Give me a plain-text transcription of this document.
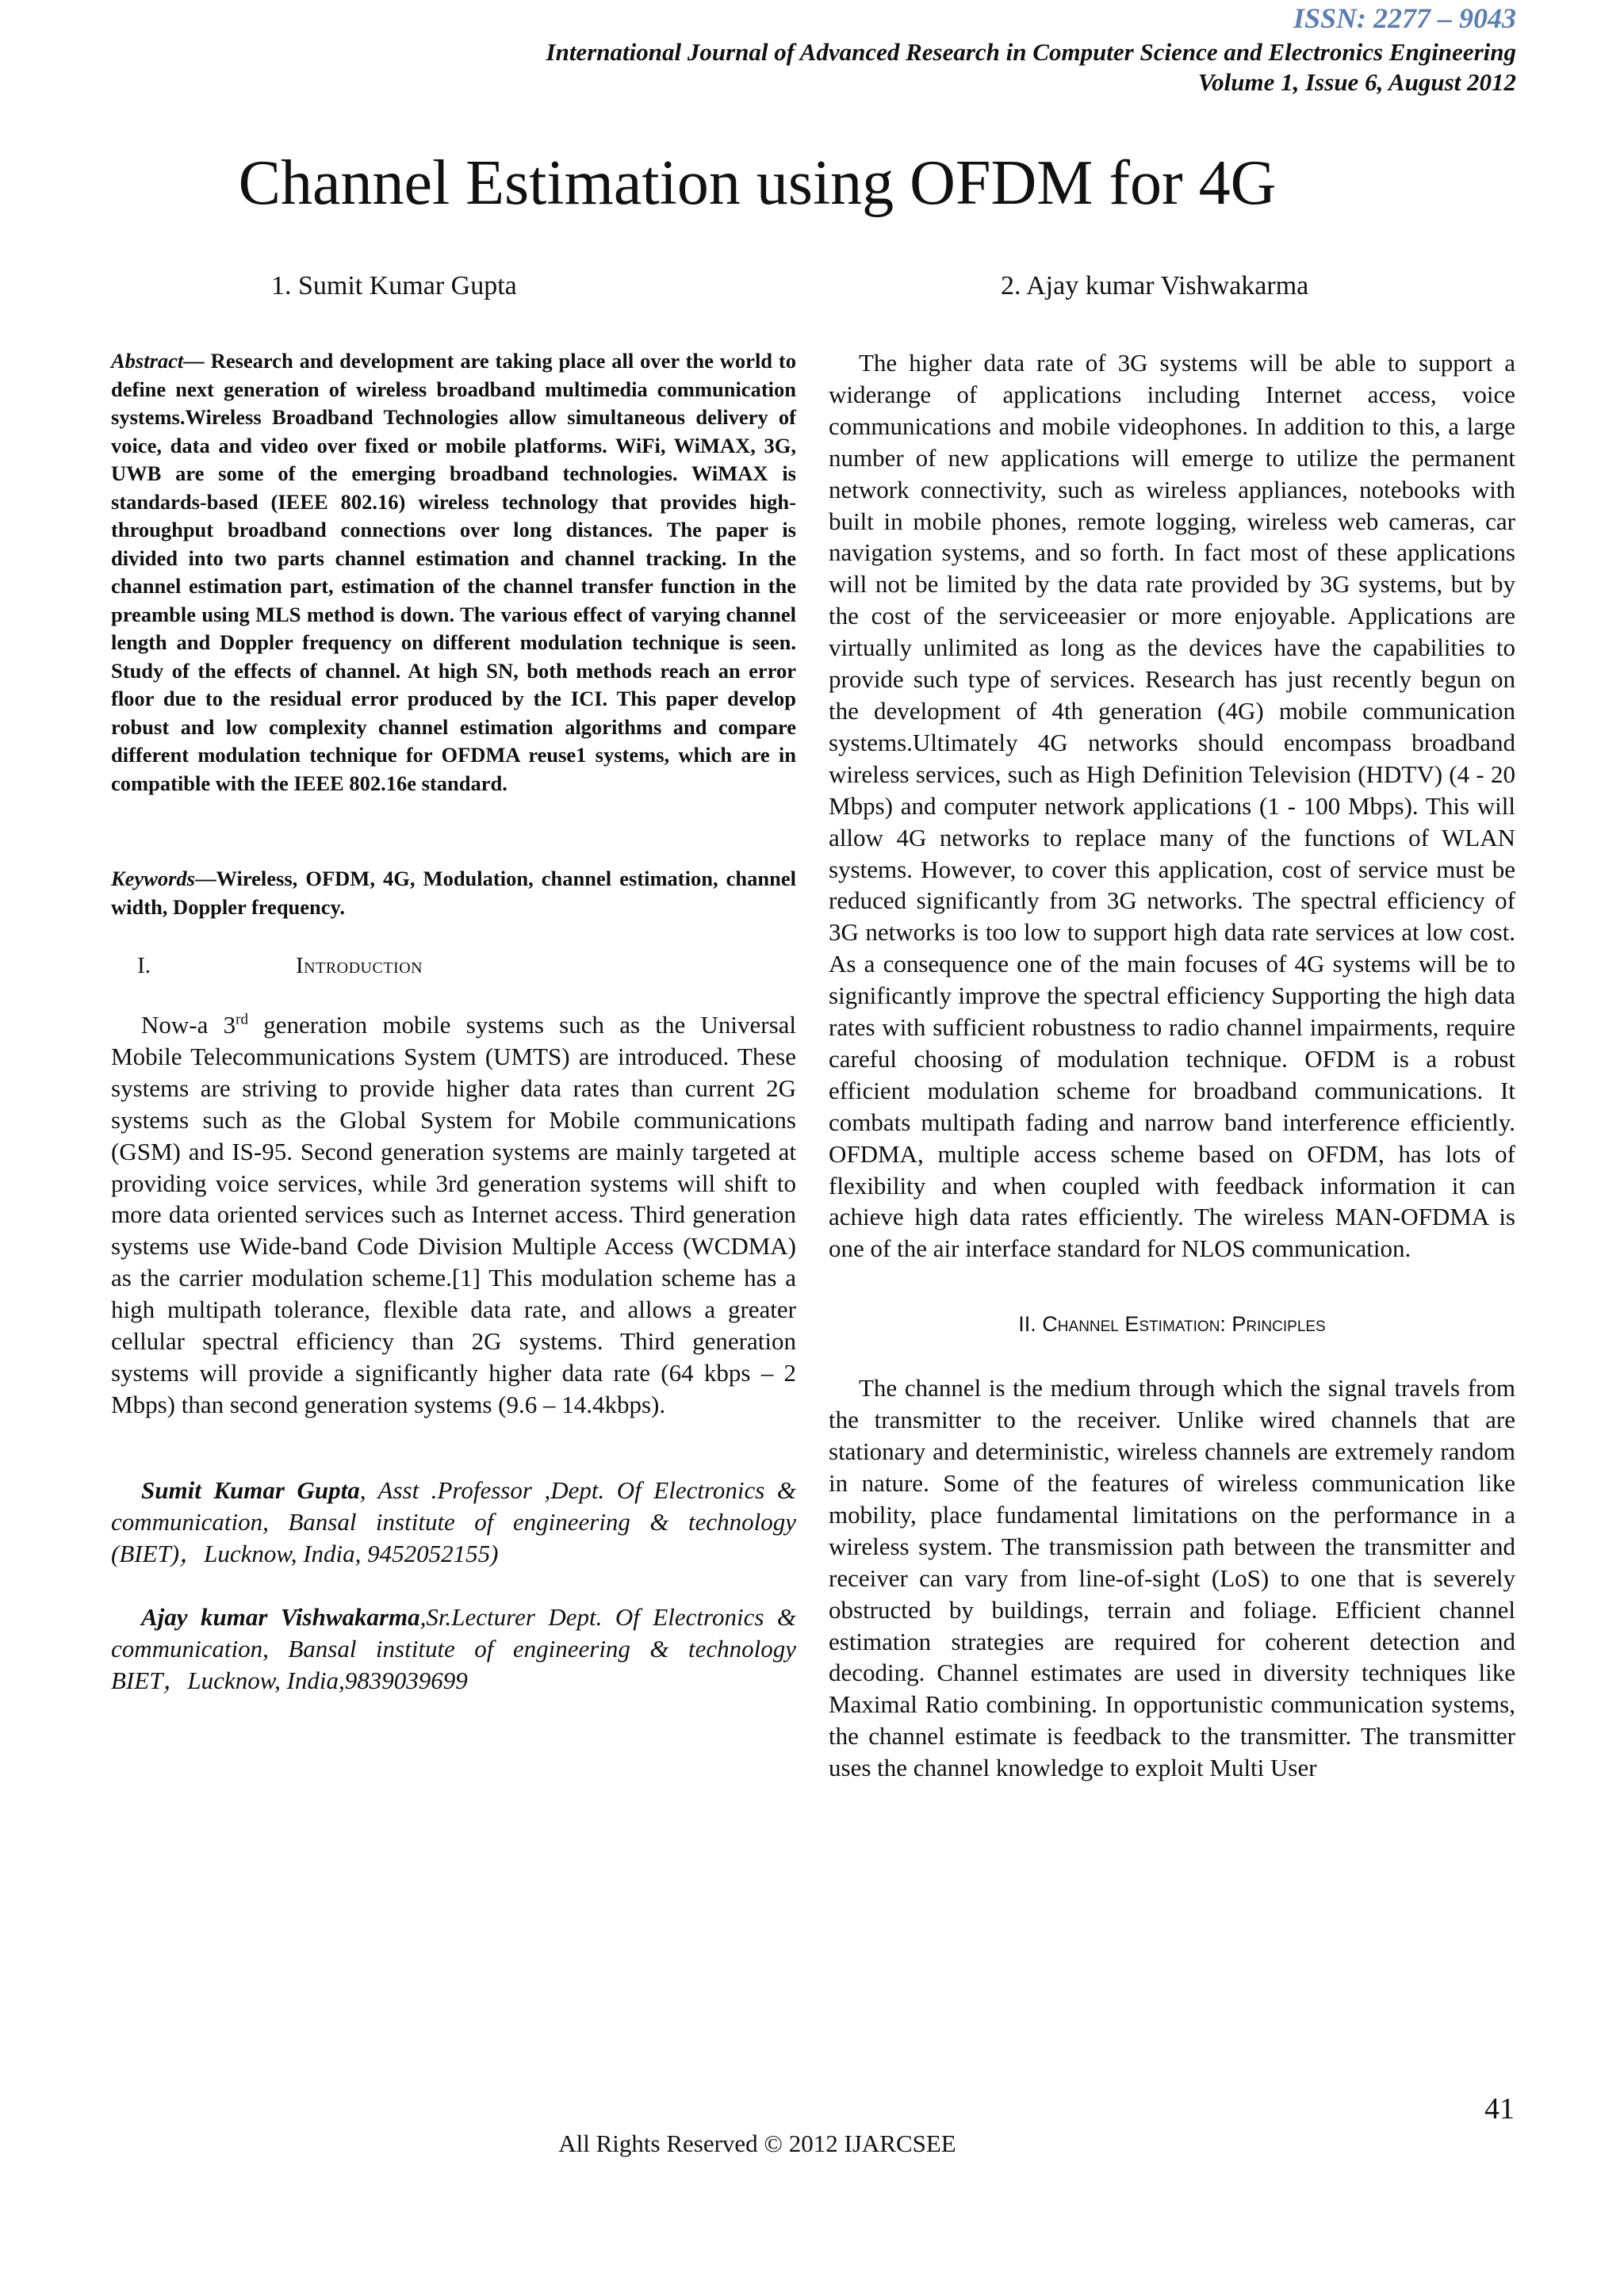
ISSN: 2277 – 9043
International Journal of Advanced Research in Computer Science and Electronics Engineering
Volume 1, Issue 6, August 2012
Channel Estimation using OFDM for 4G
1. Sumit Kumar Gupta	2. Ajay kumar Vishwakarma

Abstract— Research and development are taking place all over the world to define next generation of wireless broadband multimedia communication systems.Wireless Broadband Technologies allow simultaneous delivery of voice, data and video over fixed or mobile platforms. WiFi, WiMAX, 3G, UWB are some of the emerging broadband technologies. WiMAX is standards-based (IEEE 802.16) wireless technology that provides high-throughput broadband connections over long distances. The paper is divided into two parts channel estimation and channel tracking. In the channel estimation part, estimation of the channel transfer function in the preamble using MLS method is down. The various effect of varying channel length and Doppler frequency on different modulation technique is seen. Study of the effects of channel. At high SN, both methods reach an error floor due to the residual error produced by the ICI. This paper develop robust and low complexity channel estimation algorithms and compare different modulation technique for OFDMA reuse1 systems, which are in compatible with the IEEE 802.16e standard.

Keywords—Wireless, OFDM, 4G, Modulation, channel estimation, channel width, Doppler frequency.

I.	Introduction

Now-a 3rd generation mobile systems such as the Universal Mobile Telecommunications System (UMTS) are introduced. These systems are striving to provide higher data rates than current 2G systems such as the Global System for Mobile communications (GSM) and IS-95. Second generation systems are mainly targeted at providing voice services, while 3rd generation systems will shift to more data oriented services such as Internet access. Third generation systems use Wide-band Code Division Multiple Access (WCDMA) as the carrier modulation scheme.[1] This modulation scheme has a high multipath tolerance, flexible data rate, and allows a greater cellular spectral efficiency than 2G systems. Third generation systems will provide a significantly higher data rate (64 kbps – 2 Mbps) than second generation systems (9.6 – 14.4kbps).

Sumit Kumar Gupta, Asst .Professor ,Dept. Of Electronics & communication, Bansal institute of engineering & technology (BIET)，Lucknow, India, 9452052155)

Ajay kumar Vishwakarma,Sr.Lecturer Dept. Of Electronics & communication, Bansal institute of engineering & technology BIET，Lucknow, India,9839039699

The higher data rate of 3G systems will be able to support a widerange of applications including Internet access, voice communications and mobile videophones. In addition to this, a large number of new applications will emerge to utilize the permanent network connectivity, such as wireless appliances, notebooks with built in mobile phones, remote logging, wireless web cameras, car navigation systems, and so forth. In fact most of these applications will not be limited by the data rate provided by 3G systems, but by the cost of the serviceeasier or more enjoyable. Applications are virtually unlimited as long as the devices have the capabilities to provide such type of services. Research has just recently begun on the development of 4th generation (4G) mobile communication systems.Ultimately 4G networks should encompass broadband wireless services, such as High Definition Television (HDTV) (4 - 20 Mbps) and computer network applications (1 - 100 Mbps). This will allow 4G networks to replace many of the functions of WLAN systems. However, to cover this application, cost of service must be reduced significantly from 3G networks. The spectral efficiency of 3G networks is too low to support high data rate services at low cost. As a consequence one of the main focuses of 4G systems will be to significantly improve the spectral efficiency Supporting the high data rates with sufficient robustness to radio channel impairments, require careful choosing of modulation technique. OFDM is a robust efficient modulation scheme for broadband communications. It combats multipath fading and narrow band interference efficiently. OFDMA, multiple access scheme based on OFDM, has lots of flexibility and when coupled with feedback information it can achieve high data rates efficiently. The wireless MAN-OFDMA is one of the air interface standard for NLOS communication.

II. Channel Estimation: Principles

The channel is the medium through which the signal travels from the transmitter to the receiver. Unlike wired channels that are stationary and deterministic, wireless channels are extremely random in nature. Some of the features of wireless communication like mobility, place fundamental limitations on the performance in a wireless system. The transmission path between the transmitter and receiver can vary from line-of-sight (LoS) to one that is severely obstructed by buildings, terrain and foliage. Efficient channel estimation strategies are required for coherent detection and decoding. Channel estimates are used in diversity techniques like Maximal Ratio combining. In opportunistic communication systems, the channel estimate is feedback to the transmitter. The transmitter uses the channel knowledge to exploit Multi User

41
All Rights Reserved © 2012 IJARCSEE
